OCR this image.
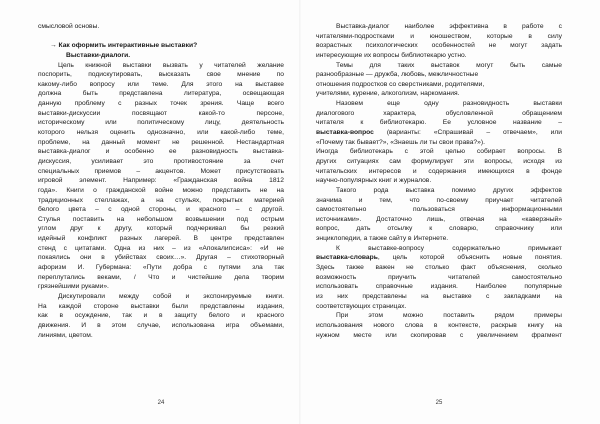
смысловой основы.
→ Как оформить интерактивные выставки?
Выставки-диалоги.
Цель книжной выставки вызвать у читателей желание
поспорить, подискутировать, высказать свое мнение по
какому-либо вопросу или теме. Для этого на выставке
должна быть представлена литература, освещающая
данную проблему с разных точек зрения. Чаще всего
выставки-дискуссии посвящают какой-то персоне,
историческому или политическому лицу, деятельность
которого нельзя оценить однозначно, или какой-либо теме,
проблеме, на данный момент не решенной. Нестандартная
выставка-диалог и особенно ее разновидность выставка-
дискуссия, усиливает это противостояние за счет
специальных приемов – акцентов. Может присутствовать
игровой элемент. Например: «Гражданская война 1812
года». Книги о гражданской войне можно представить не на
традиционных стеллажах, а на стульях, покрытых материей
белого цвета – с одной стороны, и красного – с другой.
Стулья поставить на небольшом возвышении под острым
углом друг к другу, который подчеркивал бы резкий
идейный конфликт разных лагерей. В центре представлен
стенд с цитатами. Одна из них – из «Апокалипсиса»: «И не
покаялись они в убийствах своих…». Другая – стихотворный
афоризм И. Губермана: «Пути добра с путями зла так
переплутались веками, / Что и чистейшие дела творим
грязнейшими руками».
Дискутировали между собой и экспонируемые книги.
На каждой стороне выставки были представлены издания,
как в осуждение, так и в защиту белого и красного
движения. И в этом случае, использована игра объемами,
линиями, цветом.
Выставка-диалог наиболее эффективна в работе с
читателями-подростками и юношеством, которые в силу
возрастных психологических особенностей не могут задать
интересующие их вопросы библиотекарю устно.
Темы для таких выставок могут быть самые
разнообразные — дружба, любовь, межличностные
отношения подростков со сверстниками, родителями,
учителями, курение, алкоголизм, наркомания.
Назовем еще одну разновидность выставки
диалогового характера, обусловленной обращением
читателя к библиотекарю. Ее условное название –
выставка-вопрос (варианты: «Спрашивай – отвечаем», или
«Почему так бывает?», «Знаешь ли ты свои права?»).
Иногда библиотекарь с этой целью собирает вопросы. В
других ситуациях сам формулирует эти вопросы, исходя из
читательских интересов и содержания имеющихся в фонде
научно-популярных книг и журналов.
Такого рода выставка помимо других эффектов
значима и тем, что по-своему приучает читателей
самостоятельно пользоваться информационными
источниками». Достаточно лишь, отвечая на «каверзный»
вопрос, дать отсылку к словарю, справочнику или
энциклопедии, а также сайту в Интернете.
К выставке-вопросу содержательно примыкает
выставка-словарь, цель которой объяснить новые понятия.
Здесь также важен не столько факт объяснения, сколько
возможность приучить читателей самостоятельно
использовать справочные издания. Наиболее популярные
из них представлены на выставке с закладками на
соответствующих страницах.
При этом можно поставить рядом примеры
использования нового слова в контексте, раскрыв книгу на
нужном месте или скопировав с увеличением фрагмент
24	25
